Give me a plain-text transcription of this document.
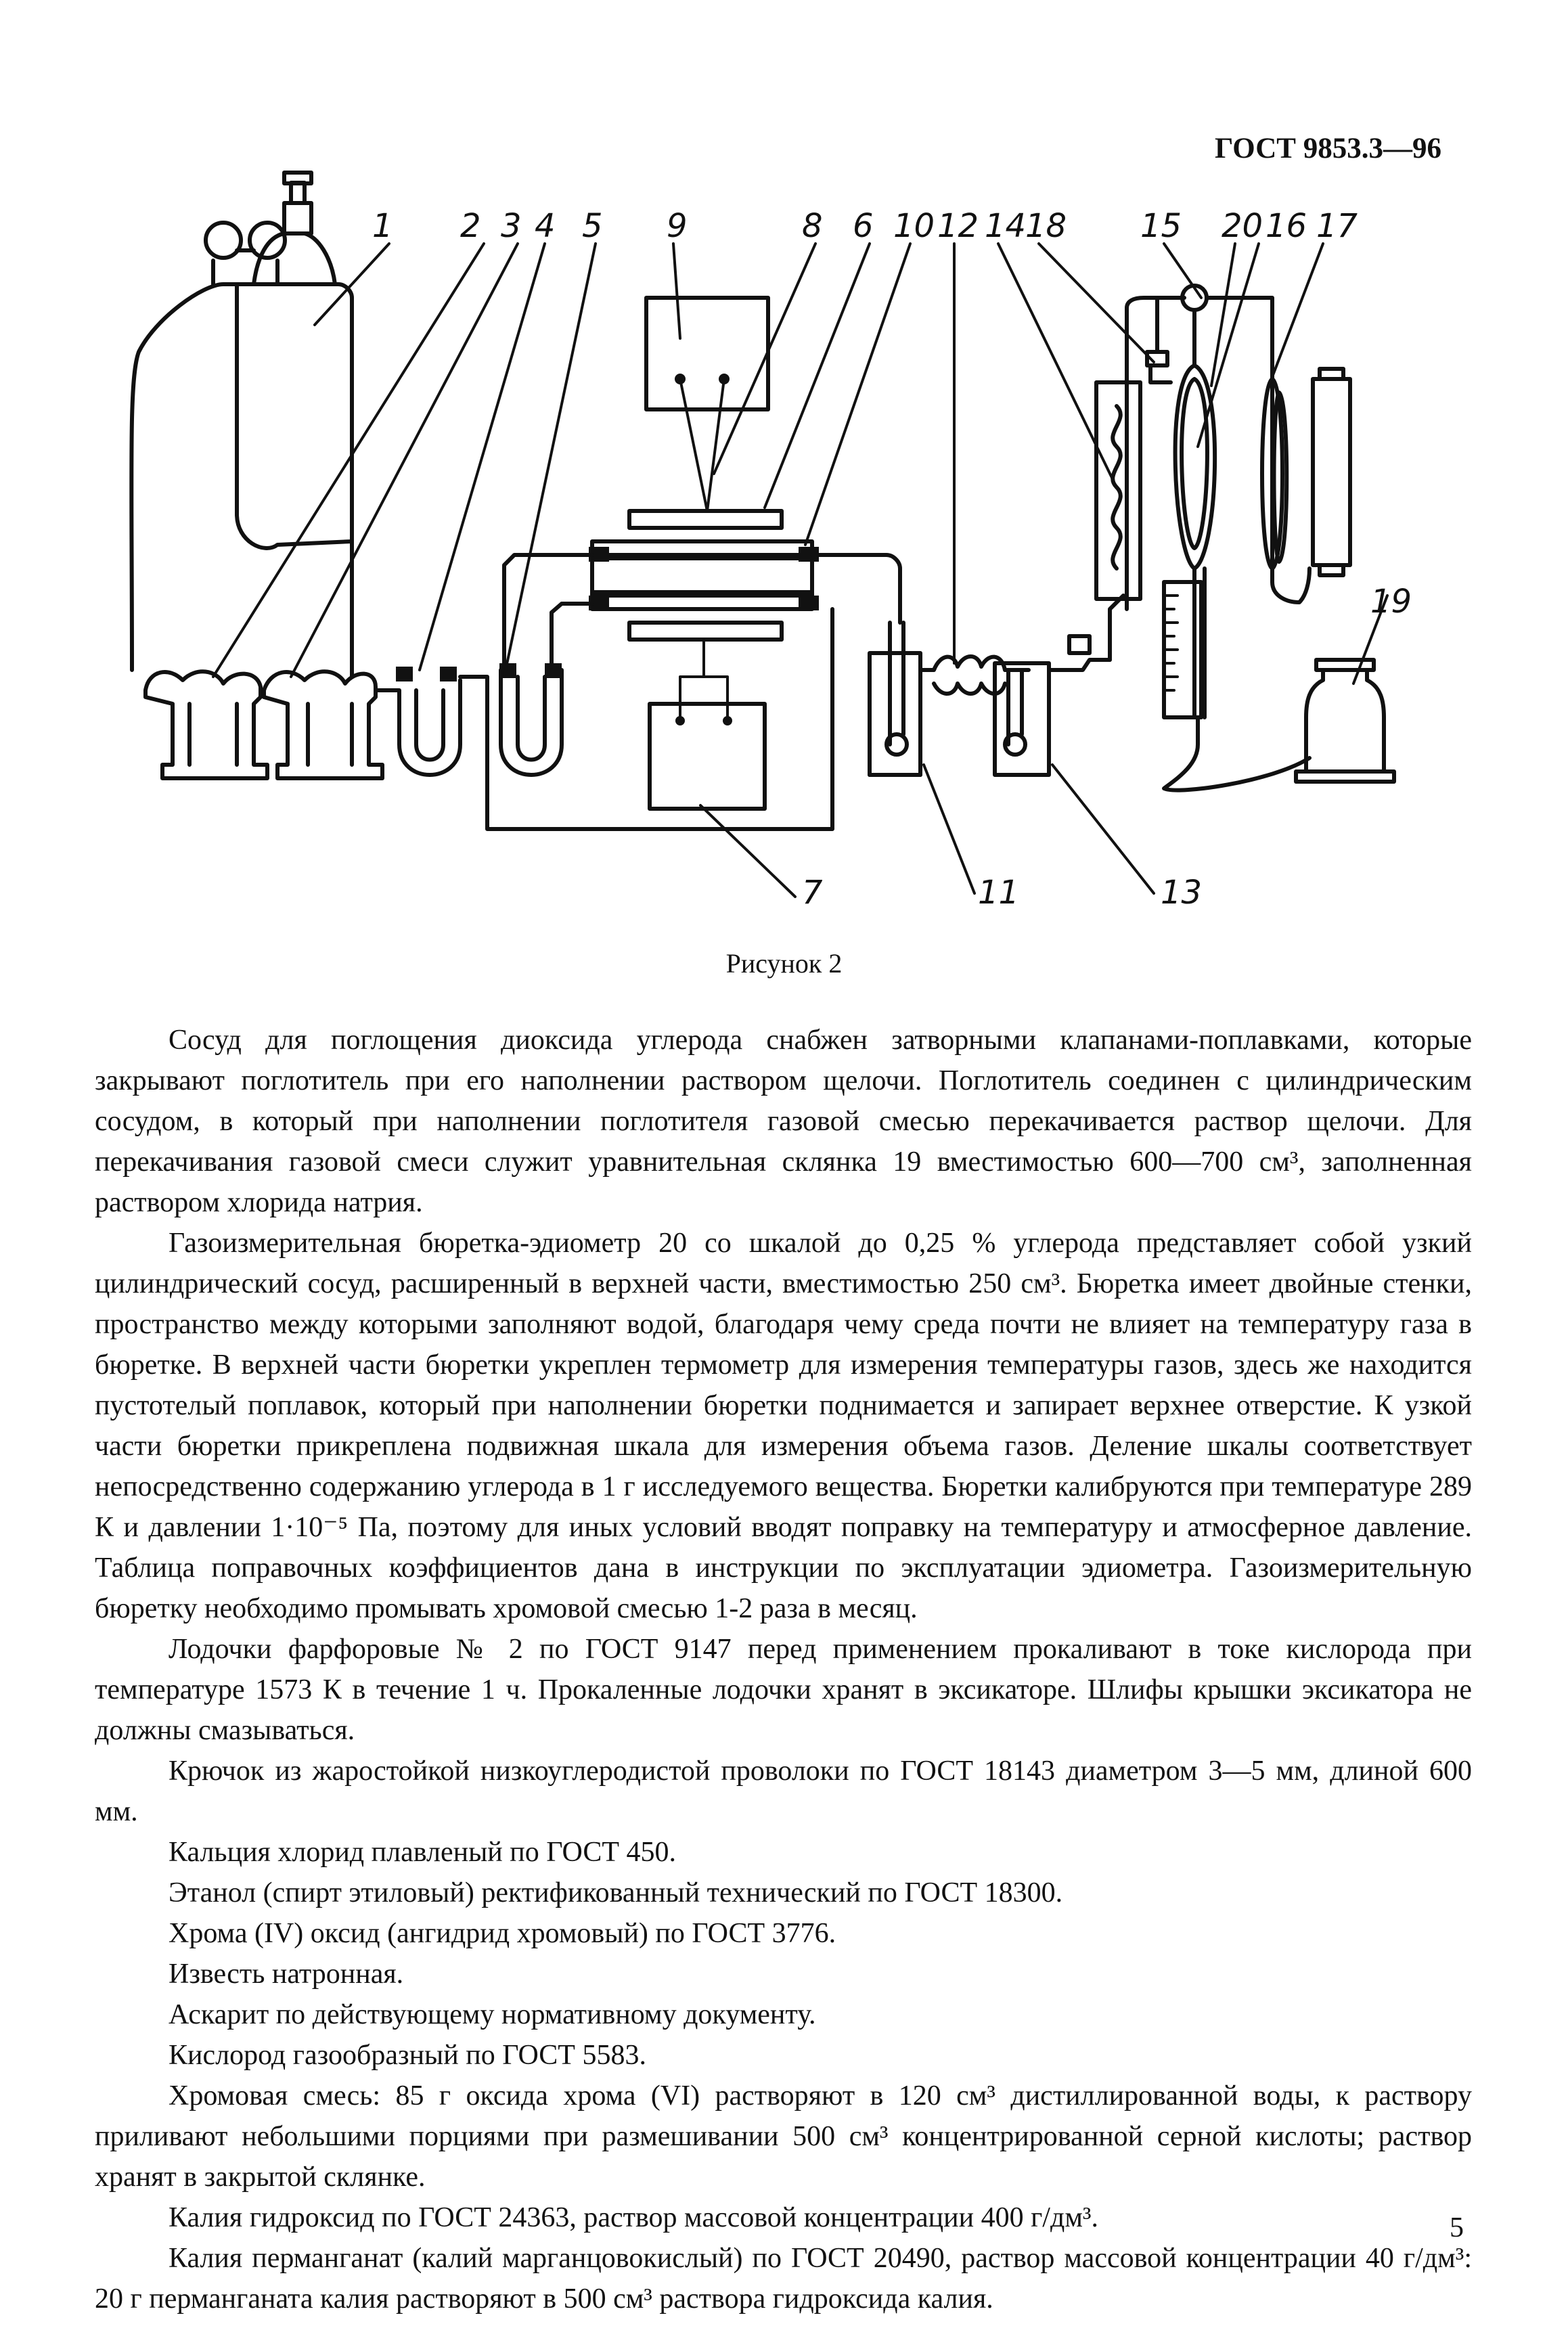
ГОСТ 9853.3—96
1 2 3 4 5 9	8 6 10 12 14
18 15 20 16 17
19
7	11	13
Рисунок 2

Сосуд для поглощения диоксида углерода снабжен затворными клапанами-поплавками, которые закрывают поглотитель при его наполнении раствором щелочи. Поглотитель соединен с цилиндрическим сосудом, в который при наполнении поглотителя газовой смесью перекачивается раствор щелочи. Для перекачивания газовой смеси служит уравнительная склянка 19 вместимостью 600—700 см³, заполненная раствором хлорида натрия.

Газоизмерительная бюретка-эдиометр 20 со шкалой до 0,25 % углерода представляет собой узкий цилиндрический сосуд, расширенный в верхней части, вместимостью 250 см³. Бюретка имеет двойные стенки, пространство между которыми заполняют водой, благодаря чему среда почти не влияет на температуру газа в бюретке. В верхней части бюретки укреплен термометр для измерения температуры газов, здесь же находится пустотелый поплавок, который при наполнении бюретки поднимается и запирает верхнее отверстие. К узкой части бюретки прикреплена подвижная шкала для измерения объема газов. Деление шкалы соответствует непосредственно содержанию углерода в 1 г исследуемого вещества. Бюретки калибруются при температуре 289 К и давлении 1·10⁻⁵ Па, поэтому для иных условий вводят поправку на температуру и атмосферное давление. Таблица поправочных коэффициентов дана в инструкции по эксплуатации эдиометра. Газоизмерительную бюретку необходимо промывать хромовой смесью 1-2 раза в месяц.

Лодочки фарфоровые № 2 по ГОСТ 9147 перед применением прокаливают в токе кислорода при температуре 1573 К в течение 1 ч. Прокаленные лодочки хранят в эксикаторе. Шлифы крышки эксикатора не должны смазываться.

Крючок из жаростойкой низкоуглеродистой проволоки по ГОСТ 18143 диаметром 3—5 мм, длиной 600 мм.

Кальция хлорид плавленый по ГОСТ 450.

Этанол (спирт этиловый) ректификованный технический по ГОСТ 18300.

Хрома (IV) оксид (ангидрид хромовый) по ГОСТ 3776.

Известь натронная.

Аскарит по действующему нормативному документу.

Кислород газообразный по ГОСТ 5583.

Хромовая смесь: 85 г оксида хрома (VI) растворяют в 120 см³ дистиллированной воды, к раствору приливают небольшими порциями при размешивании 500 см³ концентрированной серной кислоты; раствор хранят в закрытой склянке.

Калия гидроксид по ГОСТ 24363, раствор массовой концентрации 400 г/дм³.

Калия перманганат (калий марганцовокислый) по ГОСТ 20490, раствор массовой концентрации 40 г/дм³: 20 г перманганата калия растворяют в 500 см³ раствора гидроксида калия.

5
